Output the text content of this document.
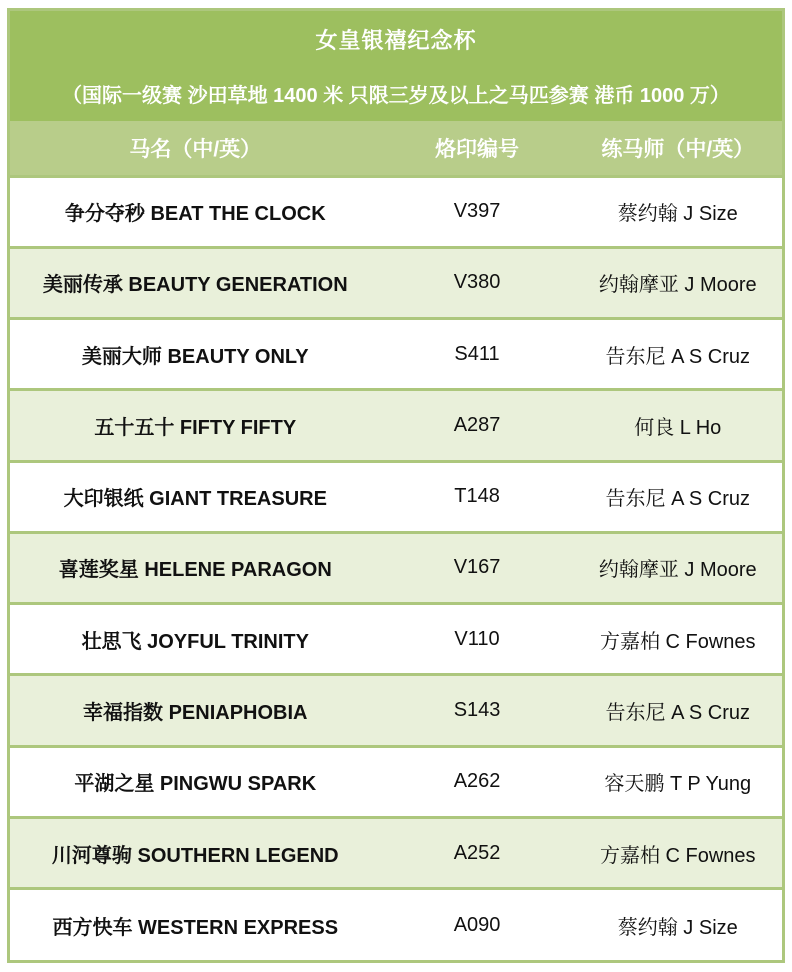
女皇银禧纪念杯
（国际一级赛 沙田草地 1400 米 只限三岁及以上之马匹参赛 港币 1000 万）
马名（中/英）	烙印编号	练马师（中/英）
争分夺秒 BEAT THE CLOCK	V397	蔡约翰 J Size
美丽传承 BEAUTY GENERATION	V380	约翰摩亚 J Moore
美丽大师 BEAUTY ONLY	S411	告东尼 A S Cruz
五十五十 FIFTY FIFTY	A287	何良 L Ho
大印银纸 GIANT TREASURE	T148	告东尼 A S Cruz
喜莲奖星 HELENE PARAGON	V167	约翰摩亚 J Moore
壮思飞 JOYFUL TRINITY	V110	方嘉柏 C Fownes
幸福指数 PENIAPHOBIA	S143	告东尼 A S Cruz
平湖之星 PINGWU SPARK	A262	容天鹏 T P Yung
川河尊驹 SOUTHERN LEGEND	A252	方嘉柏 C Fownes
西方快车 WESTERN EXPRESS	A090	蔡约翰 J Size
